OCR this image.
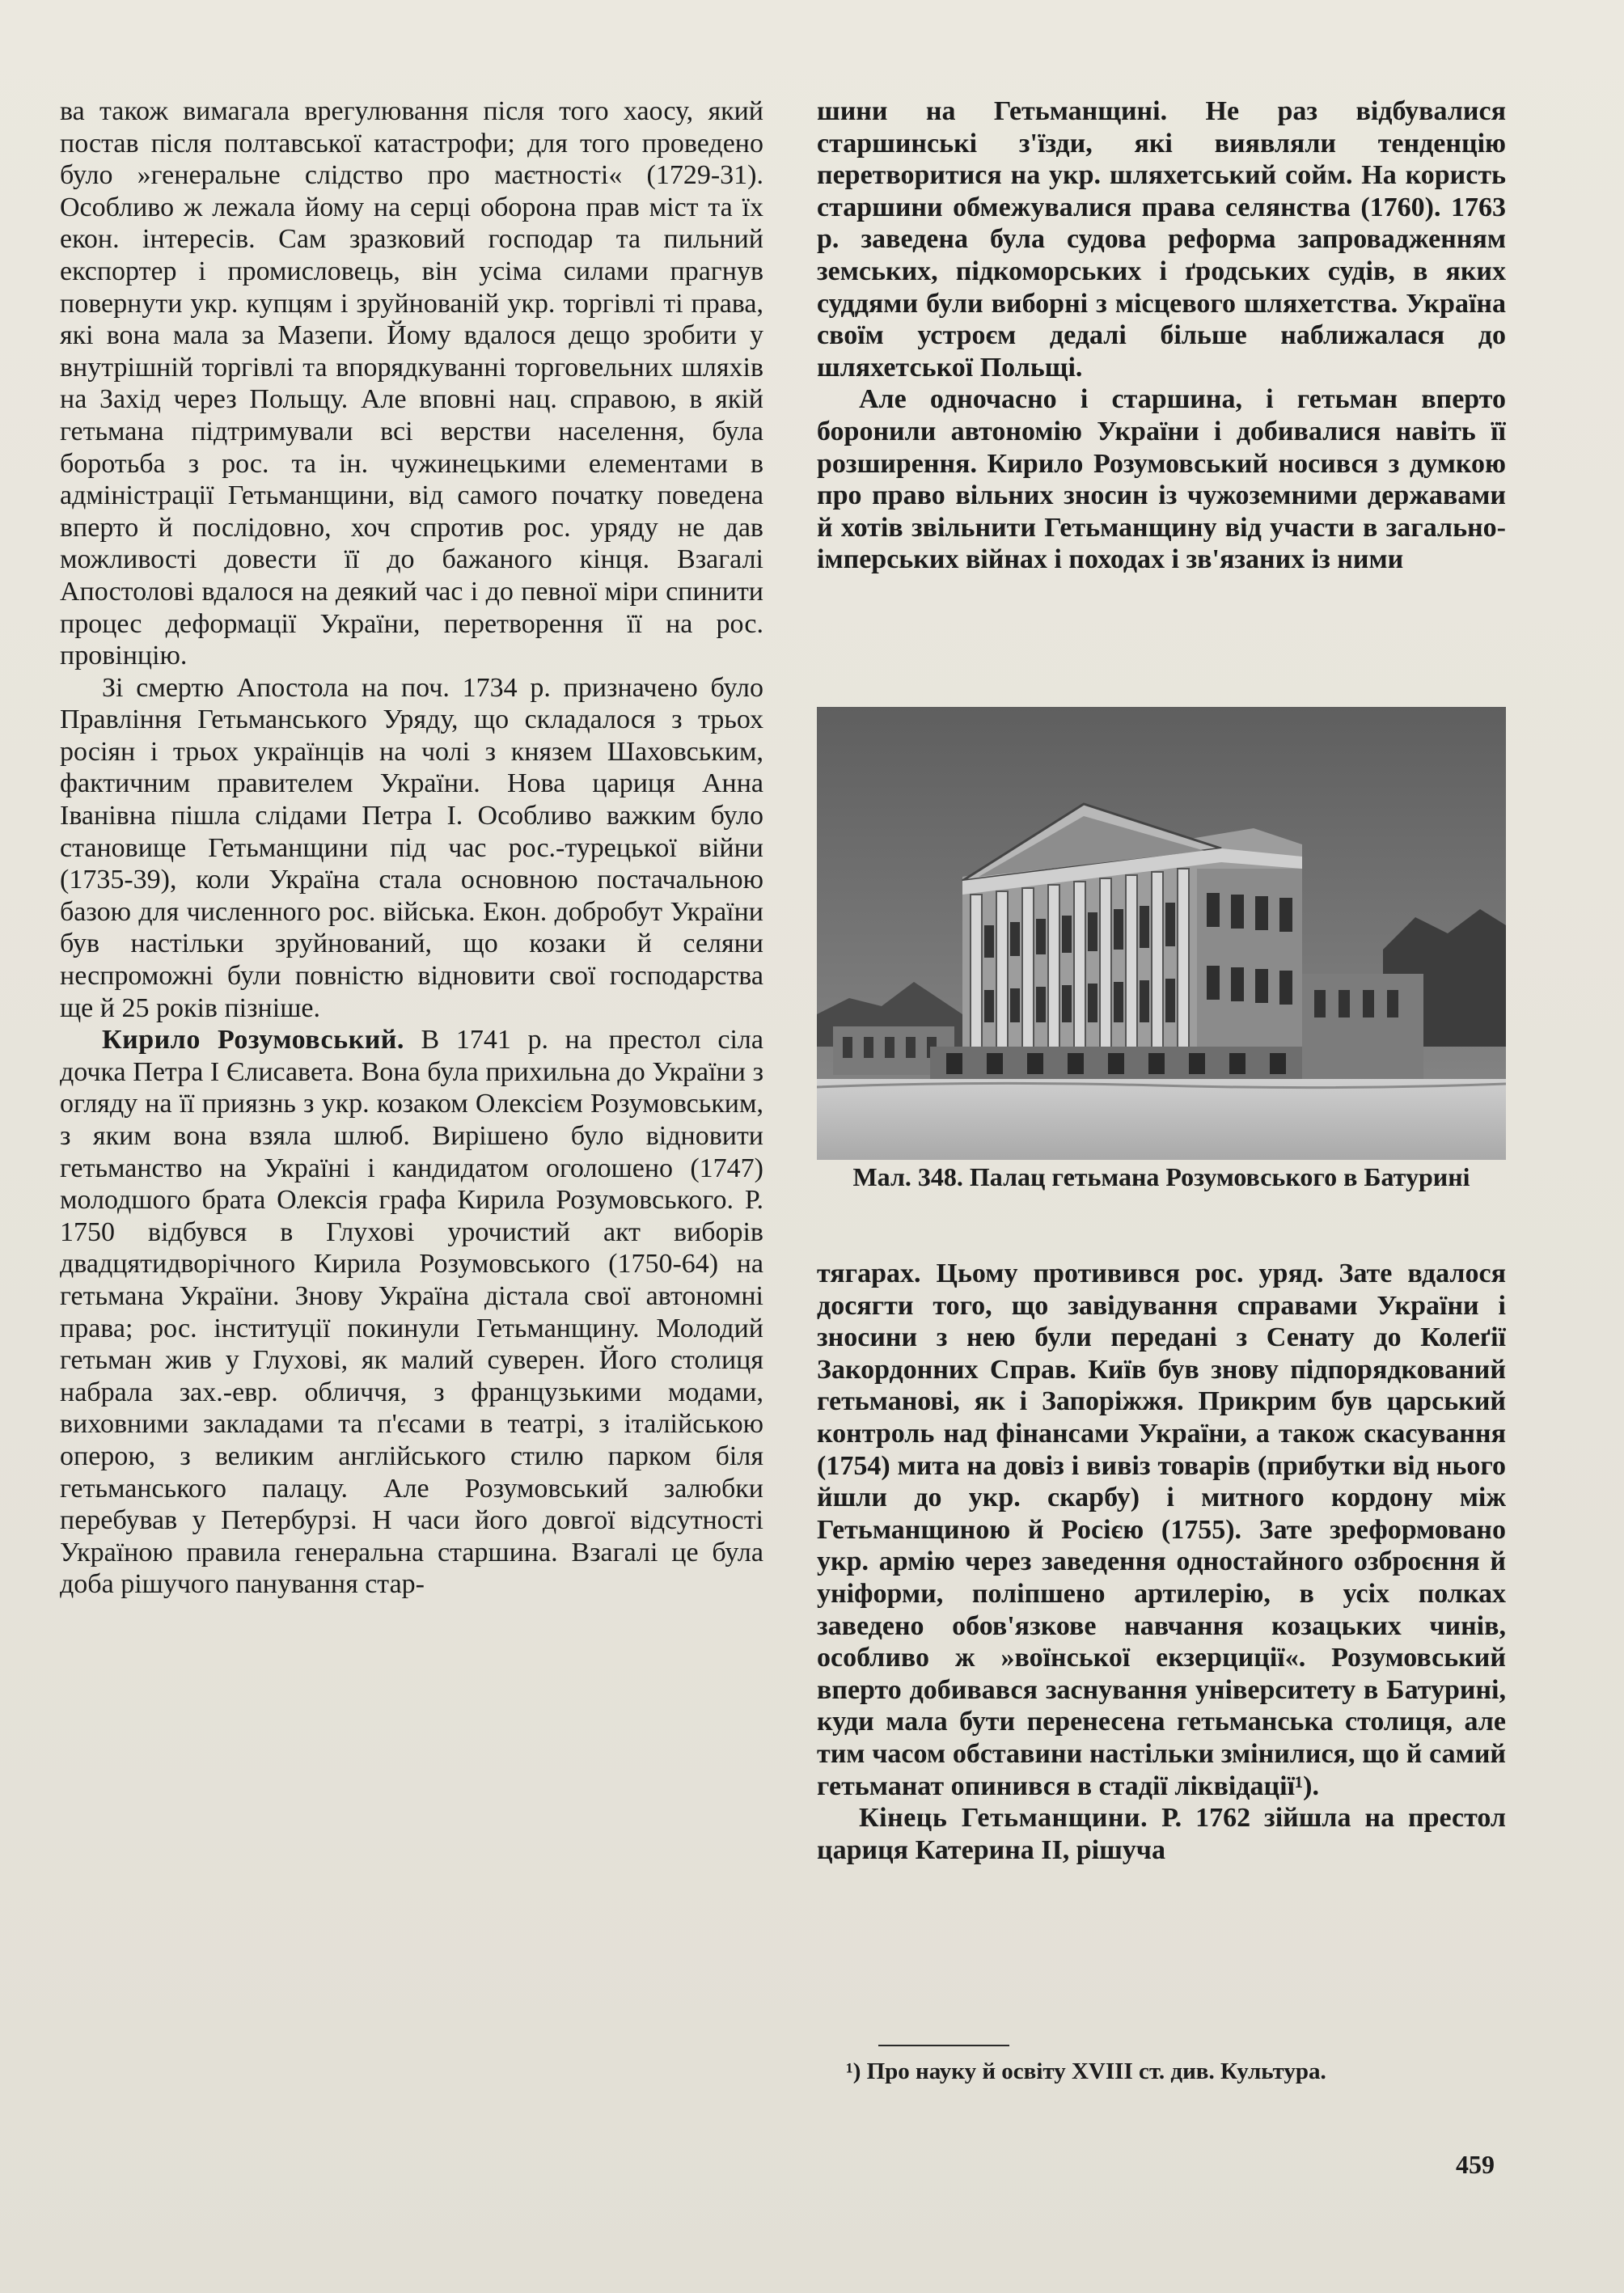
ва також вимагала врегулювання після того хаосу, який постав після полтавської катастрофи; для того проведено було »генеральне слідство про маєтності« (1729-31). Особливо ж лежала йому на серці оборона прав міст та їх екон. інтересів. Сам зразковий господар та пильний експортер і промисловець, він усіма силами прагнув повернути укр. купцям і зруйнованій укр. торгівлі ті права, які вона мала за Мазепи. Йому вдалося дещо зробити у внутрішній торгівлі та впорядкуванні торговельних шляхів на Захід через Польщу. Але вповні нац. справою, в якій гетьмана підтримували всі верстви населення, була боротьба з рос. та ін. чужинецькими елементами в адміністрації Гетьманщини, від самого початку поведена вперто й послідовно, хоч спротив рос. уряду не дав можливості довести її до бажаного кінця. Взагалі Апостолові вдалося на деякий час і до певної міри спинити процес деформації України, перетворення її на рос. провінцію.

Зі смертю Апостола на поч. 1734 р. призначено було Правління Гетьманського Уряду, що складалося з трьох росіян і трьох українців на чолі з князем Шаховським, фактичним правителем України. Нова цариця Анна Іванівна пішла слідами Петра I. Особливо важким було становище Гетьманщини під час рос.-турецької війни (1735-39), коли Україна стала основною постачальною базою для численного рос. війська. Екон. добробут України був настільки зруйнований, що козаки й селяни неспроможні були повністю відновити свої господарства ще й 25 років пізніше.

Кирило Розумовський. В 1741 р. на престол сіла дочка Петра I Єлисавета. Вона була прихильна до України з огляду на її приязнь з укр. козаком Олексієм Розумовським, з яким вона взяла шлюб. Вирішено було відновити гетьманство на Україні і кандидатом оголошено (1747) молодшого брата Олексія графа Кирила Розумовського. Р. 1750 відбувся в Глухові урочистий акт виборів двадцятидворічного Кирила Розумовського (1750-64) на гетьмана України. Знову Україна дістала свої автономні права; рос. інституції покинули Гетьманщину. Молодий гетьман жив у Глухові, як малий суверен. Його столиця набрала зах.-евр. обличчя, з французькими модами, виховними закладами та п'єсами в театрі, з італійською оперою, з великим англійського стилю парком біля гетьманського палацу. Але Розумовський залюбки перебував у Петербурзі. Н часи його довгої відсутності Україною правила генеральна старшина. Взагалі це була доба рішучого панування стар-

шини на Гетьманщині. Не раз відбувалися старшинські з'їзди, які виявляли тенденцію перетворитися на укр. шляхетський сойм. На користь старшини обмежувалися права селянства (1760). 1763 р. заведена була судова реформа запровадженням земських, підкоморських і ґродських судів, в яких суддями були виборні з місцевого шляхетства. Україна своїм устроєм дедалі більше наближалася до шляхетської Польщі.

Але одночасно і старшина, і гетьман вперто боронили автономію України і добивалися навіть її розширення. Кирило Розумовський носився з думкою про право вільних зносин із чужоземними державами й хотів звільнити Гетьманщину від участи в загально-імперських війнах і походах і зв'язаних із ними

Мал. 348. Палац гетьмана Розумовського в Батурині

тягарах. Цьому противився рос. уряд. Зате вдалося досягти того, що завідування справами України і зносини з нею були передані з Сенату до Колеґії Закордонних Справ. Київ був знову підпорядкований гетьманові, як і Запоріжжя. Прикрим був царський контроль над фінансами України, а також скасування (1754) мита на довіз і вивіз товарів (прибутки від нього йшли до укр. скарбу) і митного кордону між Гетьманщиною й Росією (1755). Зате зреформовано укр. армію через заведення одностайного озброєння й уніформи, поліпшено артилерію, в усіх полках заведено обов'язкове навчання козацьких чинів, особливо ж »воїнської екзерциції«. Розумовський вперто добивався заснування університету в Батурині, куди мала бути перенесена гетьманська столиця, але тим часом обставини настільки змінилися, що й самий гетьманат опинився в стадії ліквідації¹).

Кінець Гетьманщини. Р. 1762 зійшла на престол цариця Катерина II, рішуча

¹) Про науку й освіту XVIII ст. див. Культура.
459
